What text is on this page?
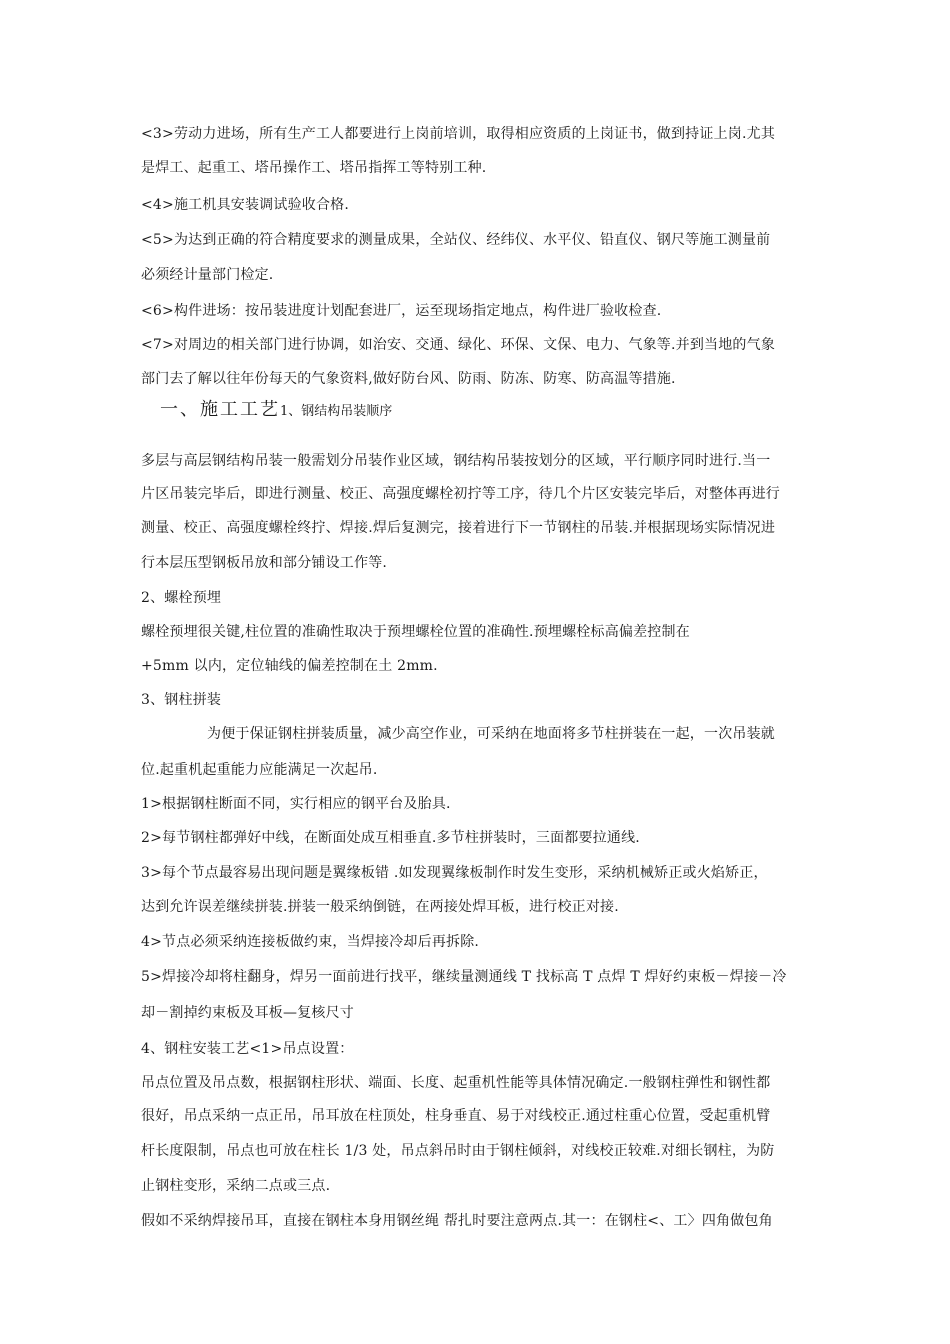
<3>劳动力进场，所有生产工人都要进行上岗前培训，取得相应资质的上岗证书，做到持证上岗.尤其
是焊工、起重工、塔吊操作工、塔吊指挥工等特别工种.
<4>施工机具安装调试验收合格.
<5>为达到正确的符合精度要求的测量成果，全站仪、经纬仪、水平仪、铅直仪、钢尺等施工测量前
必须经计量部门检定.
<6>构件进场：按吊装进度计划配套进厂，运至现场指定地点，构件进厂验收检查.
<7>对周边的相关部门进行协调，如治安、交通、绿化、环保、文保、电力、气象等.并到当地的气象
部门去了解以往年份每天的气象资料,做好防台风、防雨、防冻、防寒、防高温等措施.
一、施工工艺1、钢结构吊装顺序
多层与高层钢结构吊装一般需划分吊装作业区域，钢结构吊装按划分的区域，平行顺序同时进行.当一
片区吊装完毕后，即进行测量、校正、高强度螺栓初拧等工序，待几个片区安装完毕后，对整体再进行
测量、校正、高强度螺栓终拧、焊接.焊后复测完，接着进行下一节钢柱的吊装.并根据现场实际情况进
行本层压型钢板吊放和部分铺设工作等.
2、螺栓预埋
螺栓预埋很关键,柱位置的准确性取决于预埋螺栓位置的准确性.预埋螺栓标高偏差控制在
+5mm 以内，定位轴线的偏差控制在土 2mm.
3、钢柱拼装
为便于保证钢柱拼装质量，减少高空作业，可采纳在地面将多节柱拼装在一起，一次吊装就
位.起重机起重能力应能满足一次起吊.
1>根据钢柱断面不同，实行相应的钢平台及胎具.
2>每节钢柱都弹好中线，在断面处成互相垂直.多节柱拼装时，三面都要拉通线.
3>每个节点最容易出现问题是翼缘板错 .如发现翼缘板制作时发生变形，采纳机械矫正或火焰矫正，
达到允许误差继续拼装.拼装一般采纳倒链，在两接处焊耳板，进行校正对接.
4>节点必须采纳连接板做约束，当焊接冷却后再拆除.
5>焊接冷却将柱翻身，焊另一面前进行找平，继续量测通线 T 找标高 T 点焊 T 焊好约束板－焊接－冷
却－割掉约束板及耳板—复核尺寸
4、钢柱安装工艺<1>吊点设置：
吊点位置及吊点数，根据钢柱形状、端面、长度、起重机性能等具体情况确定.一般钢柱弹性和钢性都
很好，吊点采纳一点正吊，吊耳放在柱顶处，柱身垂直、易于对线校正.通过柱重心位置，受起重机臂
杆长度限制，吊点也可放在柱长 1/3 处，吊点斜吊时由于钢柱倾斜，对线校正较难.对细长钢柱，为防
止钢柱变形，采纳二点或三点.
假如不采纳焊接吊耳，直接在钢柱本身用钢丝绳 帮扎时要注意两点.其一：在钢柱<、工〉四角做包角
